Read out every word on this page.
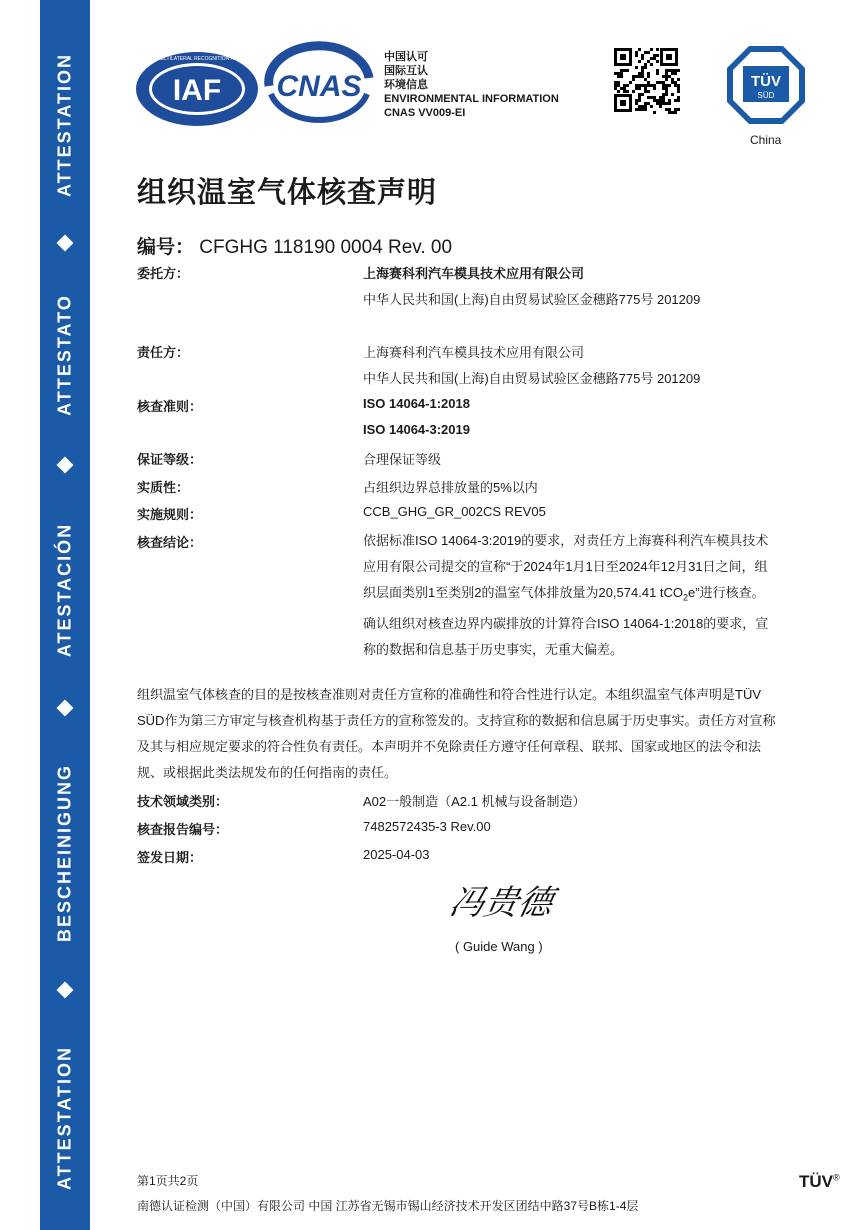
ATTESTATION
ATTESTATO
ATESTACIÓN
BESCHEINIGUNG
ATTESTATION
IAF
MEMBER OF MULTILATERAL RECOGNITION ARRANGEMENT
CNAS
中国认可
国际互认
环境信息
ENVIRONMENTAL INFORMATION
CNAS VV009-EI
TÜV
SÜD
China
组织温室气体核查声明
编号： CFGHG 118190 0004 Rev. 00
委托方：	上海赛科利汽车模具技术应用有限公司
中华人民共和国(上海)自由贸易试验区金穗路775号 201209
责任方：	上海赛科利汽车模具技术应用有限公司
中华人民共和国(上海)自由贸易试验区金穗路775号 201209
核查准则：	ISO 14064-1:2018
ISO 14064-3:2019
保证等级：	合理保证等级
实质性：	占组织边界总排放量的5%以内
实施规则：	CCB_GHG_GR_002CS REV05
核查结论：	依据标准ISO 14064-3:2019的要求，对责任方上海赛科利汽车模具技术应用有限公司提交的宣称“于2024年1月1日至2024年12月31日之间，组织层面类别1至类别2的温室气体排放量为20,574.41 tCO$_2$e”进行核查。确认组织对核查边界内碳排放的计算符合ISO 14064-1:2018的要求，宣称的数据和信息基于历史事实，无重大偏差。
组织温室气体核查的目的是按核查准则对责任方宣称的准确性和符合性进行认定。本组织温室气体声明是TÜV SÜD作为第三方审定与核查机构基于责任方的宣称签发的。支持宣称的数据和信息属于历史事实。责任方对宣称及其与相应规定要求的符合性负有责任。本声明并不免除责任方遵守任何章程、联邦、国家或地区的法令和法规、或根据此类法规发布的任何指南的责任。
技术领域类别：	A02一般制造（A2.1 机械与设备制造）
核查报告编号：	7482572435-3 Rev.00
签发日期：	2025-04-03
冯贵德
( Guide Wang )
第1页共2页
南德认证检测（中国）有限公司 中国 江苏省无锡市锡山经济技术开发区团结中路37号B栋1-4层
TÜV®
